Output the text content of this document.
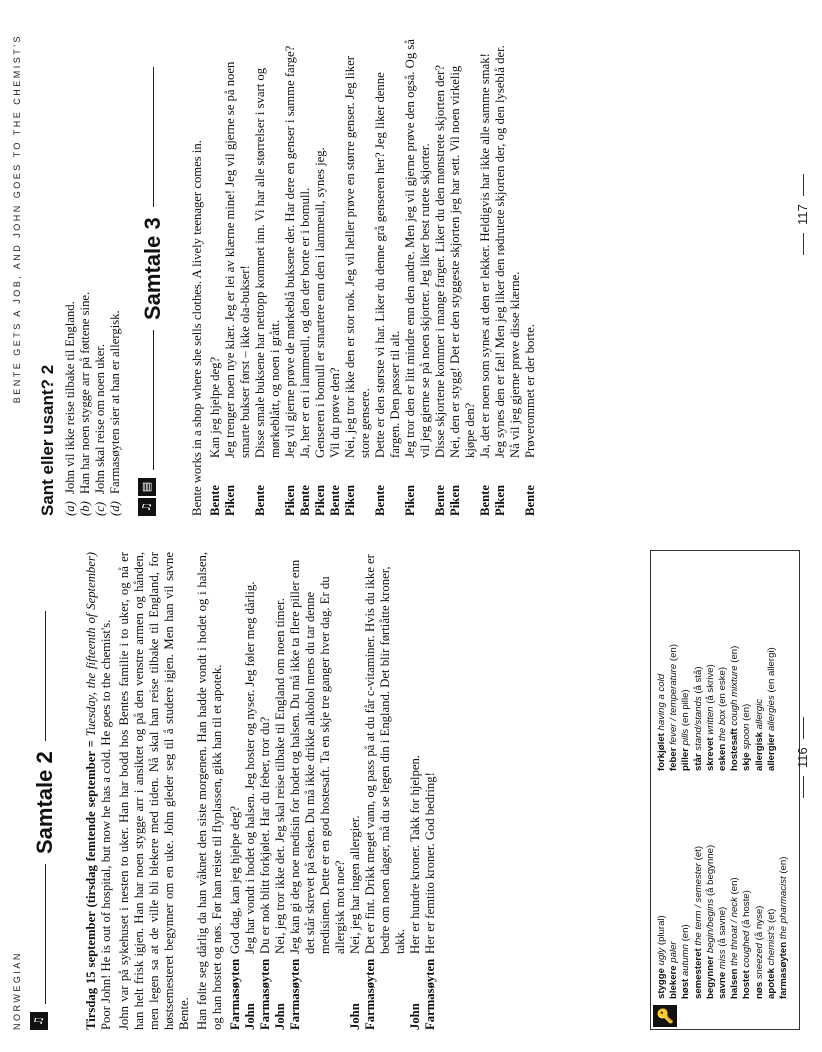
NORWEGIAN ♫
Samtale 2 Tirsdag 15 september (tirsdag femtende september = Tuesday, the fifteenth of September) Poor John! He is out of hospital, but now he has a cold. He goes to the chemist's. John var på sykehuset i nesten to uker. Han har bodd hos Bentes familie i to uker, og nå er han helt frisk igjen. Han har noen stygge arr i ansiktet og på den venstre armen og hånden, men legen sa at de ville bli blekere med tiden. Nå skal han reise tilbake til England, for høstsemesteret begynner om en uke. John gleder seg til å studere igjen. Men han vil savne Bente. Han følte seg dårlig da han våknet den siste morgenen. Han hadde vondt i hodet og i halsen, og han hostet og nøs. Før han reiste til flyplassen, gikk han til et apotek. Farmasøyten
God dag, kan jeg hjelpe deg?
John
Jeg har vondt i hodet og halsen. Jeg hoster og nyser. Jeg føler meg dårlig.
Farmasøyten
Du er nok blitt forkjølet. Har du feber, tror du?
John
Nei, jeg tror ikke det. Jeg skal reise tilbake til England om noen timer.
Farmasøyten
Jeg kan gi deg noe medisin for hodet og halsen. Du må ikke ta flere piller enn det står skrevet på esken. Du må ikke drikke alkohol mens du tar denne medisinen. Dette er en god hostesaft. Ta en skje tre ganger hver dag. Er du allergisk mot noe?
John
Nei, jeg har ingen allergier.
Farmasøyten
Det er fint. Drikk meget vann, og pass på at du får c-vitaminer. Hvis du ikke er bedre om noen dager, må du se legen din i England. Det blir førtiåtte kroner, takk.
John
Her er hundre kroner. Takk for hjelpen.
Farmasøyten
Her er femtito kroner. God bedring!
🔑
stygge ugly (plural)
blekere paler
høst autumn (en)
semesteret the term / semester (et)
begynner begin/begins (å begynne)
savne miss (å savne)
halsen the throat / neck (en)
hostet coughed (å hoste)
nøs sneezed (å nyse)
apotek chemist's (et)
farmasøyten the pharmacist (en)
forkjølet having a cold
feber fever / temperature (en)
piller pills (en pille)
står stand/stands (å stå)
skrevet written (å skrive)
esken the box (en eske)
hostesaft cough mixture (en)
skje spoon (en)
allergisk allergic
allergier allergies (en allergi)
116
BENTE GETS A JOB, AND JOHN GOES TO THE CHEMIST'S
Sant eller usant? 2 (a)
John vil ikke reise tilbake til England.
(b)
Han har noen stygge arr på føttene sine.
(c)
John skal reise om noen uker.
(d)
Farmasøyten sier at han er allergisk.
♫
▤
Samtale 3 Bente works in a shop where she sells clothes. A lively teenager comes in. Bente
Kan jeg hjelpe deg?
Piken
Jeg trenger noen nye klær. Jeg er lei av klærne mine! Jeg vil gjerne se på noen smarte bukser først – ikke ola-bukser!
Bente
Disse smale buksene har nettopp kommet inn. Vi har alle størrelser i svart og mørkeblått, og noen i grått.
Piken
Jeg vil gjerne prøve de mørkeblå buksene der. Har dere en genser i samme farge?
Bente
Ja, her er en i lammeull, og den der borte er i bomull.
Piken
Genseren i bomull er smartere enn den i lammeull, synes jeg.
Bente
Vil du prøve den?
Piken
Nei, jeg tror ikke den er stor nok. Jeg vil heller prøve en større genser. Jeg liker store gensere.
Bente
Dette er den største vi har. Liker du denne grå genseren her? Jeg liker denne fargen. Den passer til alt.
Piken
Jeg tror den er litt mindre enn den andre. Men jeg vil gjerne prøve den også. Og så vil jeg gjerne se på noen skjorter. Jeg liker best rutete skjorter.
Bente
Disse skjortene kommer i mange farger. Liker du den mønstrete skjorten der?
Piken
Nei, den er stygg! Det er den styggeste skjorten jeg har sett. Vil noen virkelig kjøpe den?
Bente
Ja, det er noen som synes at den er lekker. Heldigvis har ikke alle samme smak!
Piken
Jeg synes den er fæl! Men jeg liker den rødrutete skjorten der, og den lyseblå der. Nå vil jeg gjerne prøve disse klærne.
Bente
Prøverommet er der borte.
117
